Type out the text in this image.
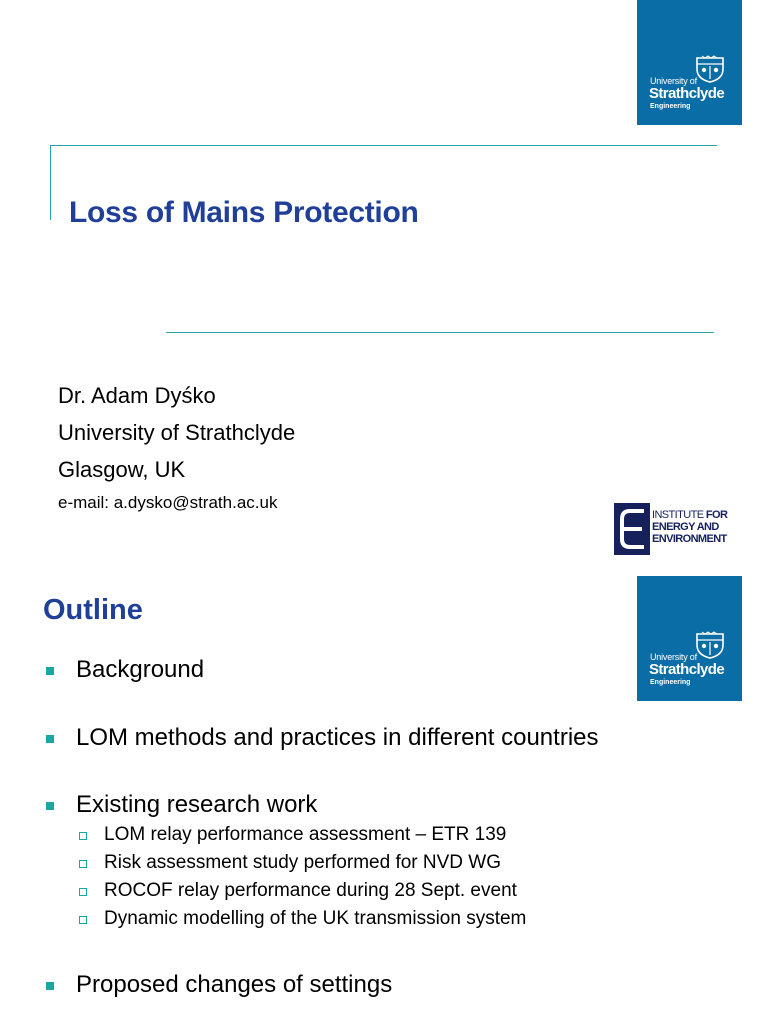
University of
Strathclyde
Engineering
Loss of Mains Protection
Dr. Adam Dyśko
University of Strathclyde
Glasgow, UK
e-mail: a.dysko@strath.ac.uk
INSTITUTE FOR
ENERGY AND
ENVIRONMENT
University of
Strathclyde
Engineering
Outline
Background
LOM methods and practices in different countries
Existing research work
LOM relay performance assessment – ETR 139
Risk assessment study performed for NVD WG
ROCOF relay performance during 28 Sept. event
Dynamic modelling of the UK transmission system
Proposed changes of settings
